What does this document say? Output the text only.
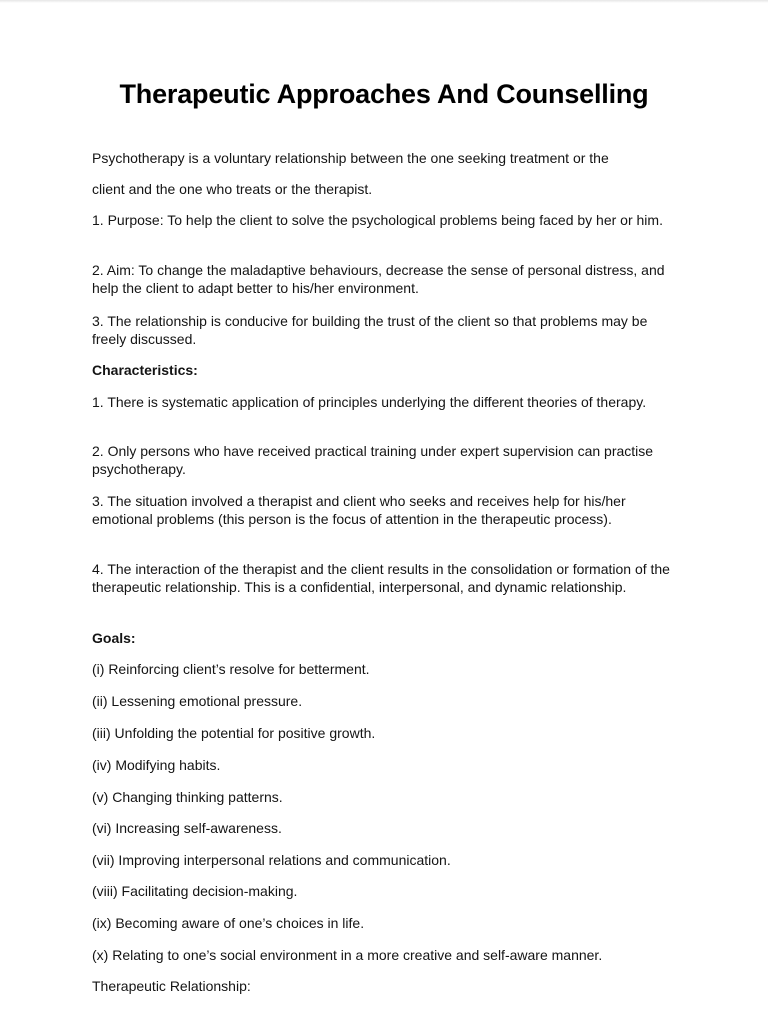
Therapeutic Approaches And Counselling

Psychotherapy is a voluntary relationship between the one seeking treatment or the

client and the one who treats or the therapist.

1. Purpose: To help the client to solve the psychological problems being faced by her or him.

2. Aim: To change the maladaptive behaviours, decrease the sense of personal distress, and help the client to adapt better to his/her environment.

3. The relationship is conducive for building the trust of the client so that problems may be freely discussed.

Characteristics:

1. There is systematic application of principles underlying the different theories of therapy.

2. Only persons who have received practical training under expert supervision can practise psychotherapy.

3. The situation involved a therapist and client who seeks and receives help for his/her emotional problems (this person is the focus of attention in the therapeutic process).

4. The interaction of the therapist and the client results in the consolidation or formation of the therapeutic relationship. This is a confidential, interpersonal, and dynamic relationship.

Goals:

(i) Reinforcing client’s resolve for betterment.

(ii) Lessening emotional pressure.

(iii) Unfolding the potential for positive growth.

(iv) Modifying habits.

(v) Changing thinking patterns.

(vi) Increasing self-awareness.

(vii) Improving interpersonal relations and communication.

(viii) Facilitating decision-making.

(ix) Becoming aware of one’s choices in life.

(x) Relating to one’s social environment in a more creative and self-aware manner.

Therapeutic Relationship:
